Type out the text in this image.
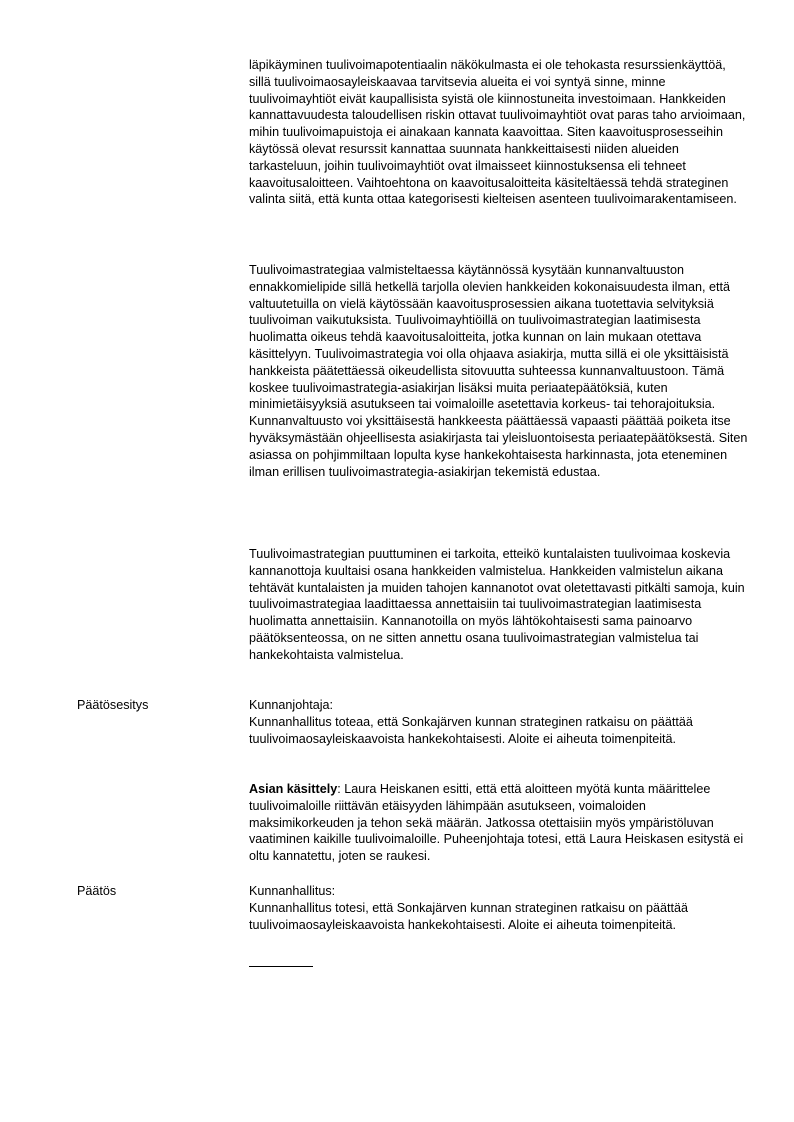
läpikäyminen tuulivoimapotentiaalin näkökulmasta ei ole tehokasta resurssienkäyttöä, sillä tuulivoimaosayleiskaavaa tarvitsevia alueita ei voi syntyä sinne, minne tuulivoimayhtiöt eivät kaupallisista syistä ole kiinnostuneita investoimaan. Hankkeiden kannattavuudesta taloudellisen riskin ottavat tuulivoimayhtiöt ovat paras taho arvioimaan, mihin tuulivoimapuistoja ei ainakaan kannata kaavoittaa. Siten kaavoitusprosesseihin käytössä olevat resurssit kannattaa suunnata hankkeittaisesti niiden alueiden tarkasteluun, joihin tuulivoimayhtiöt ovat ilmaisseet kiinnostuksensa eli tehneet kaavoitusaloitteen. Vaihtoehtona on kaavoitusaloitteita käsiteltäessä tehdä strateginen valinta siitä, että kunta ottaa kategorisesti kielteisen asenteen tuulivoimarakentamiseen.

Tuulivoimastrategiaa valmisteltaessa käytännössä kysytään kunnanvaltuuston ennakkomielipide sillä hetkellä tarjolla olevien hankkeiden kokonaisuudesta ilman, että valtuutetuilla on vielä käytössään kaavoitusprosessien aikana tuotettavia selvityksiä tuulivoiman vaikutuksista. Tuulivoimayhtiöillä on tuulivoimastrategian laatimisesta huolimatta oikeus tehdä kaavoitusaloitteita, jotka kunnan on lain mukaan otettava käsittelyyn. Tuulivoimastrategia voi olla ohjaava asiakirja, mutta sillä ei ole yksittäisistä hankkeista päätettäessä oikeudellista sitovuutta suhteessa kunnanvaltuustoon. Tämä koskee tuulivoimastrategia-asiakirjan lisäksi muita periaatepäätöksiä, kuten minimietäisyyksiä asutukseen tai voimaloille asetettavia korkeus- tai tehorajoituksia. Kunnanvaltuusto voi yksittäisestä hankkeesta päättäessä vapaasti päättää poiketa itse hyväksymästään ohjeellisesta asiakirjasta tai yleisluontoisesta periaatepäätöksestä. Siten asiassa on pohjimmiltaan lopulta kyse hankekohtaisesta harkinnasta, jota eteneminen ilman erillisen tuulivoimastrategia-asiakirjan tekemistä edustaa.

Tuulivoimastrategian puuttuminen ei tarkoita, etteikö kuntalaisten tuulivoimaa koskevia kannanottoja kuultaisi osana hankkeiden valmistelua. Hankkeiden valmistelun aikana tehtävät kuntalaisten ja muiden tahojen kannanotot ovat oletettavasti pitkälti samoja, kuin tuulivoimastrategiaa laadittaessa annettaisiin tai tuulivoimastrategian laatimisesta huolimatta annettaisiin. Kannanotoilla on myös lähtökohtaisesti sama painoarvo päätöksenteossa, on ne sitten annettu osana tuulivoimastrategian valmistelua tai hankekohtaista valmistelua.

Päätösesitys	Kunnanjohtaja:

Kunnanhallitus toteaa, että Sonkajärven kunnan strateginen ratkaisu on päättää tuulivoimaosayleiskaavoista hankekohtaisesti. Aloite ei aiheuta toimenpiteitä.

Asian käsittely: Laura Heiskanen esitti, että että aloitteen myötä kunta määrittelee tuulivoimaloille riittävän etäisyyden lähimpään asutukseen, voimaloiden maksimikorkeuden ja tehon sekä määrän. Jatkossa otettaisiin myös ympäristöluvan vaatiminen kaikille tuulivoimaloille. Puheenjohtaja totesi, että Laura Heiskasen esitystä ei oltu kannatettu, joten se raukesi.

Päätös	Kunnanhallitus:

Kunnanhallitus totesi, että Sonkajärven kunnan strateginen ratkaisu on päättää tuulivoimaosayleiskaavoista hankekohtaisesti. Aloite ei aiheuta toimenpiteitä.
